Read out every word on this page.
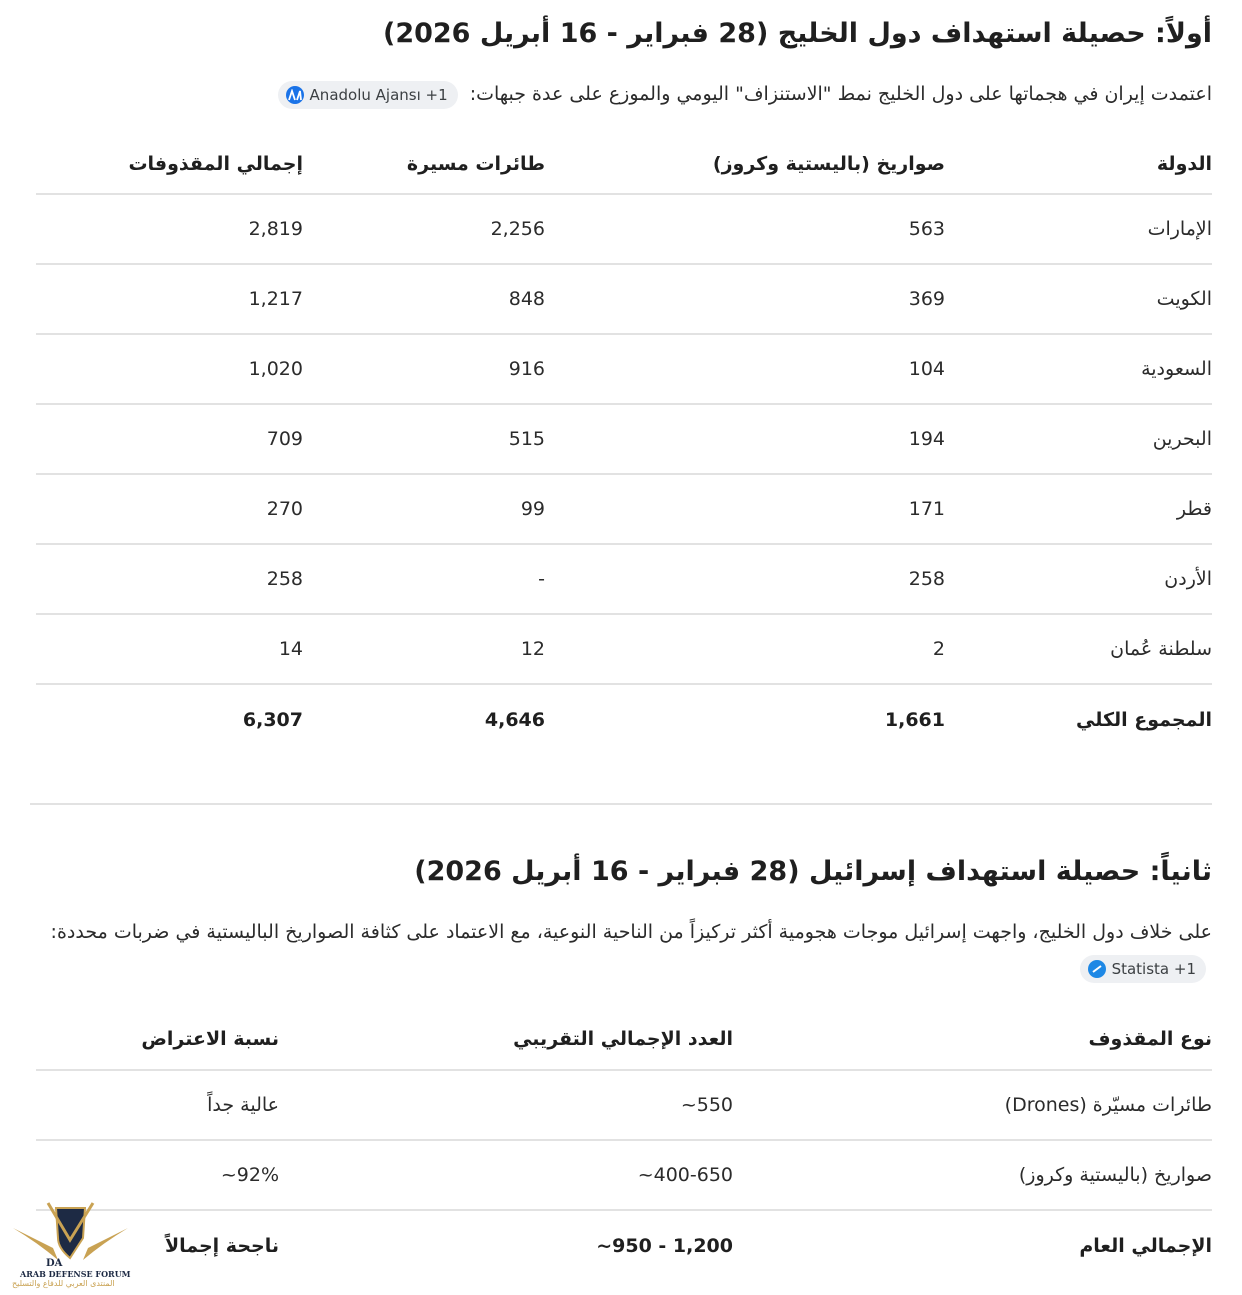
أولاً: حصيلة استهداف دول الخليج (28 فبراير - 16 أبريل 2026)
اعتمدت إيران في هجماتها على دول الخليج نمط "الاستنزاف" اليومي والموزع على عدة جبهات:
Anadolu Ajansı +1
الدولة	صواريخ (باليستية وكروز)	طائرات مسيرة	إجمالي المقذوفات
الإمارات	563	2,256	2,819
الكويت	369	848	1,217
السعودية	104	916	1,020
البحرين	194	515	709
قطر	171	99	270
الأردن	258	-	258
سلطنة عُمان	2	12	14
المجموع الكلي	1,661	4,646	6,307
ثانياً: حصيلة استهداف إسرائيل (28 فبراير - 16 أبريل 2026)
على خلاف دول الخليج، واجهت إسرائيل موجات هجومية أكثر تركيزاً من الناحية النوعية، مع الاعتماد على كثافة الصواريخ الباليستية في ضربات محددة:
Statista +1
نوع المقذوف	العدد الإجمالي التقريبي	نسبة الاعتراض
طائرات مسيّرة (Drones)	~550	عالية جداً
صواريخ (باليستية وكروز)	~400-650	~92%
الإجمالي العام	~950 - 1,200	ناجحة إجمالاً
DA
ARAB DEFENSE FORUM
المنتدى العربي للدفاع والتسليح
